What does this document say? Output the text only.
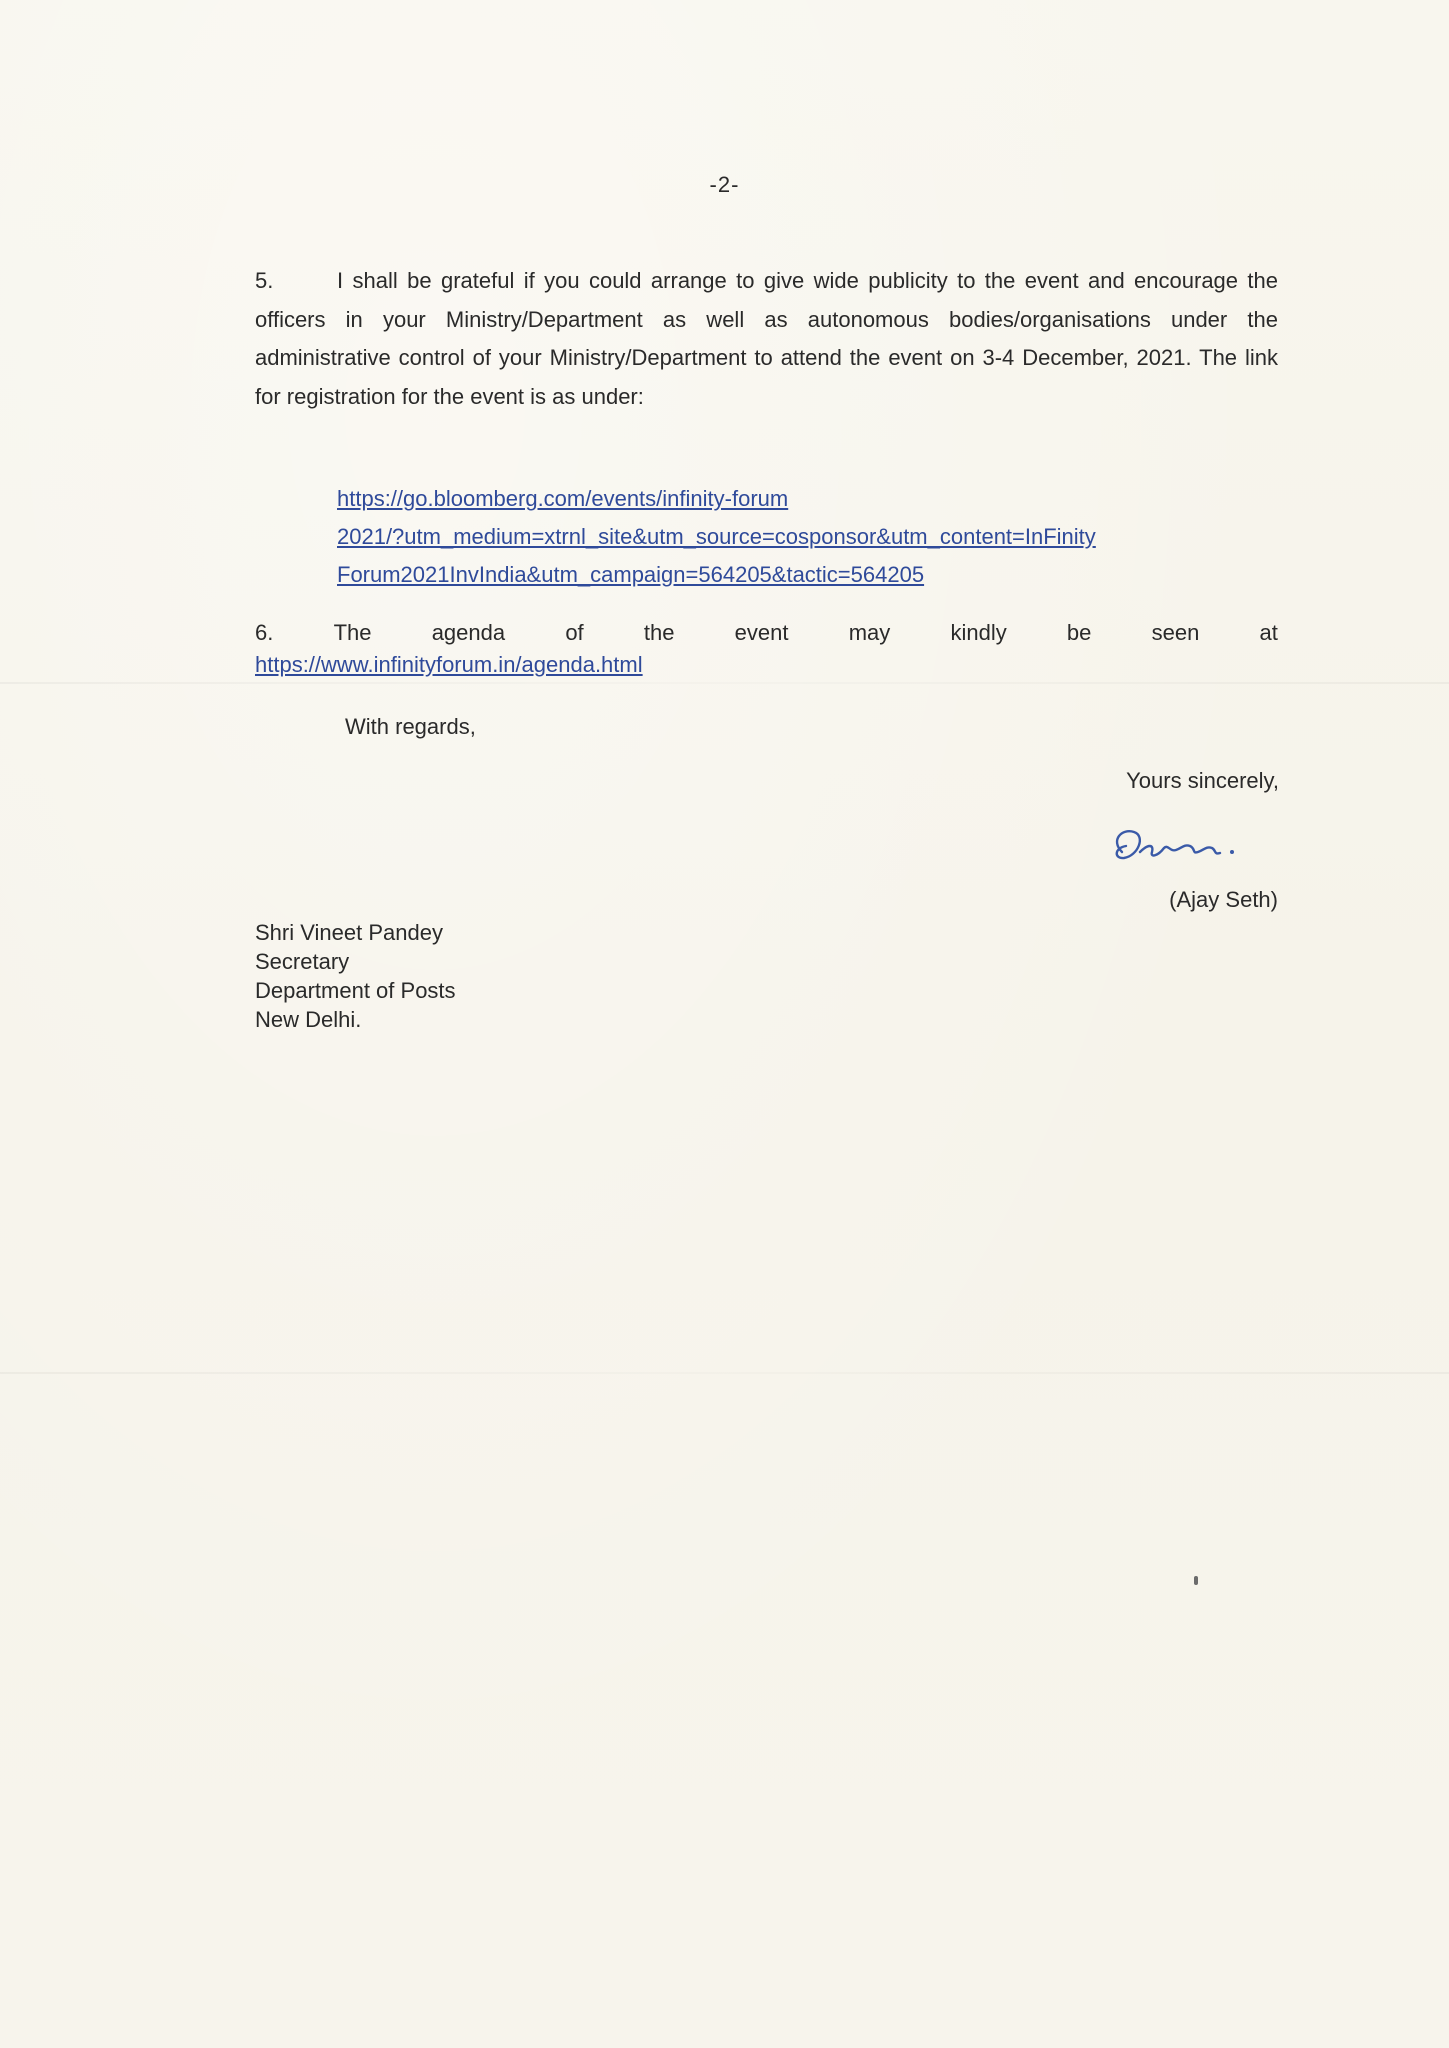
-2-
5.	I shall be grateful if you could arrange to give wide publicity to the event and encourage the officers in your Ministry/Department as well as autonomous bodies/organisations under the administrative control of your Ministry/Department to attend the event on 3-4 December, 2021. The link for registration for the event is as under:
https://go.bloomberg.com/events/infinity-forum
2021/?utm_medium=xtrnl_site&utm_source=cosponsor&utm_content=InFinity
Forum2021InvIndia&utm_campaign=564205&tactic=564205
6.	The	agenda	of	the	event	may	kindly	be	seen	at
https://www.infinityforum.in/agenda.html
With regards,
Yours sincerely,
(Ajay Seth)
Shri Vineet Pandey
Secretary
Department of Posts
New Delhi.
